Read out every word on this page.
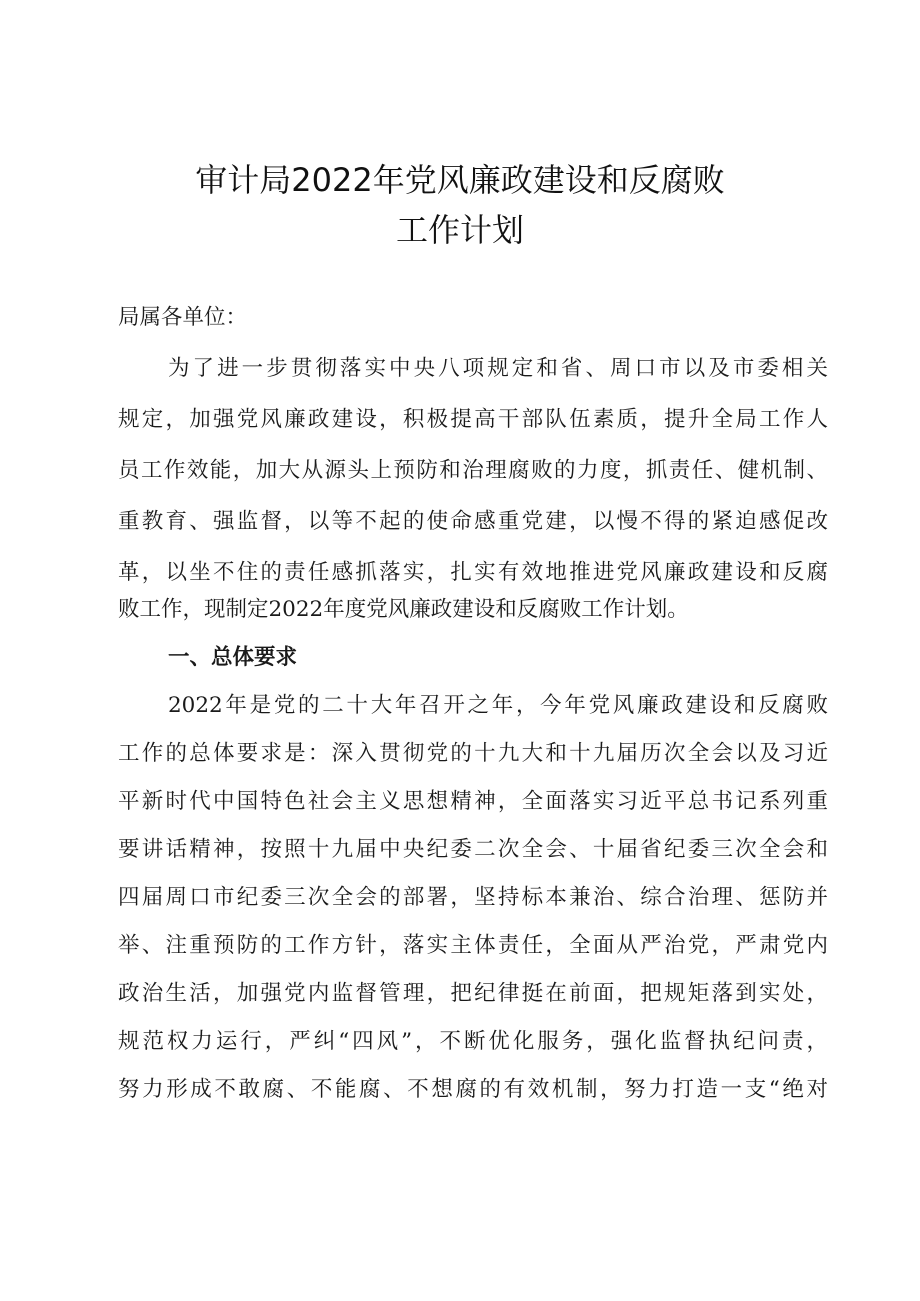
审计局2022年党风廉政建设和反腐败
工作计划
局属各单位：
为了进一步贯彻落实中央八项规定和省、周口市以及市委相关
规定，加强党风廉政建设，积极提高干部队伍素质，提升全局工作人
员工作效能，加大从源头上预防和治理腐败的力度，抓责任、健机制、
重教育、强监督，以等不起的使命感重党建，以慢不得的紧迫感促改
革，以坐不住的责任感抓落实，扎实有效地推进党风廉政建设和反腐
败工作，现制定2022年度党风廉政建设和反腐败工作计划。
一、总体要求
2022年是党的二十大年召开之年，今年党风廉政建设和反腐败
工作的总体要求是：深入贯彻党的十九大和十九届历次全会以及习近
平新时代中国特色社会主义思想精神，全面落实习近平总书记系列重
要讲话精神，按照十九届中央纪委二次全会、十届省纪委三次全会和
四届周口市纪委三次全会的部署，坚持标本兼治、综合治理、惩防并
举、注重预防的工作方针，落实主体责任，全面从严治党，严肃党内
政治生活，加强党内监督管理，把纪律挺在前面，把规矩落到实处，
规范权力运行，严纠“四风”，不断优化服务，强化监督执纪问责，
努力形成不敢腐、不能腐、不想腐的有效机制，努力打造一支“绝对
